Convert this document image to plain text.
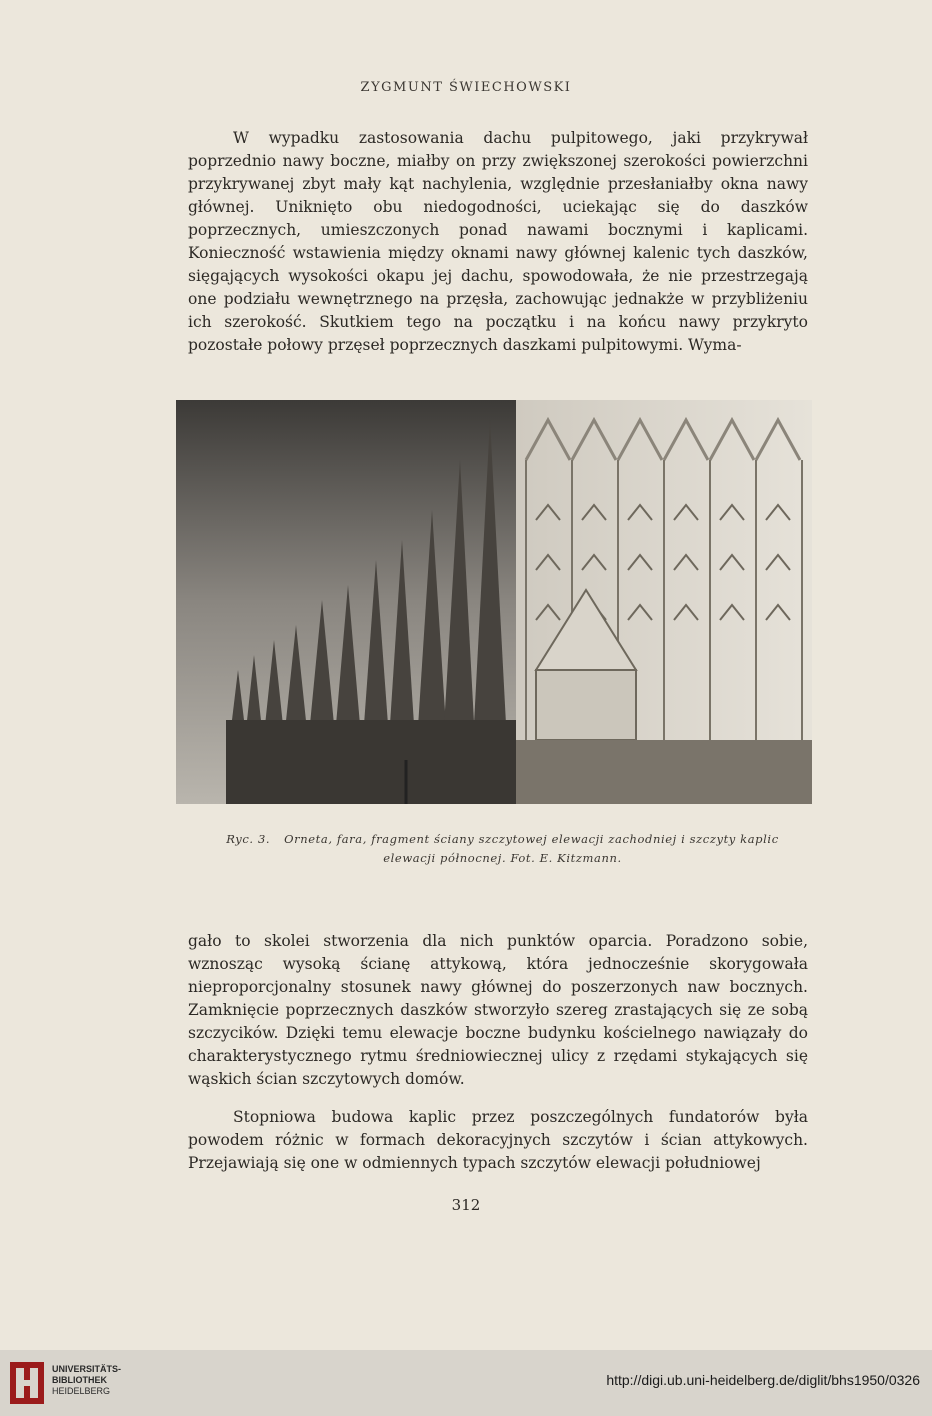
ZYGMUNT ŚWIECHOWSKI

W wypadku zastosowania dachu pulpitowego, jaki przykrywał poprzednio nawy boczne, miałby on przy zwiększonej szerokości powierzchni przykrywanej zbyt mały kąt nachylenia, względnie przesłaniałby okna nawy głównej. Uniknięto obu niedogodności, uciekając się do daszków poprzecznych, umieszczonych ponad nawami bocznymi i kaplicami. Konieczność wstawienia między oknami nawy głównej kalenic tych daszków, sięgających wysokości okapu jej dachu, spowodowała, że nie przestrzegają one podziału wewnętrznego na przęsła, zachowując jednakże w przybliżeniu ich szerokość. Skutkiem tego na początku i na końcu nawy przykryto pozostałe połowy przęseł poprzecznych daszkami pulpitowymi. Wyma-

Ryc. 3. Orneta, fara, fragment ściany szczytowej elewacji zachodniej i szczyty kaplic elewacji północnej. Fot. E. Kitzmann.

gało to skolei stworzenia dla nich punktów oparcia. Poradzono sobie, wznosząc wysoką ścianę attykową, która jednocześnie skorygowała nieproporcjonalny stosunek nawy głównej do poszerzonych naw bocznych. Zamknięcie poprzecznych daszków stworzyło szereg zrastających się ze sobą szczycików. Dzięki temu elewacje boczne budynku kościelnego nawiązały do charakterystycznego rytmu średniowiecznej ulicy z rzędami stykających się wąskich ścian szczytowych domów.

Stopniowa budowa kaplic przez poszczególnych fundatorów była powodem różnic w formach dekoracyjnych szczytów i ścian attykowych. Przejawiają się one w odmiennych typach szczytów elewacji południowej

312
UNIVERSITÄTS-
BIBLIOTHEK
HEIDELBERG
http://digi.ub.uni-heidelberg.de/diglit/bhs1950/0326
